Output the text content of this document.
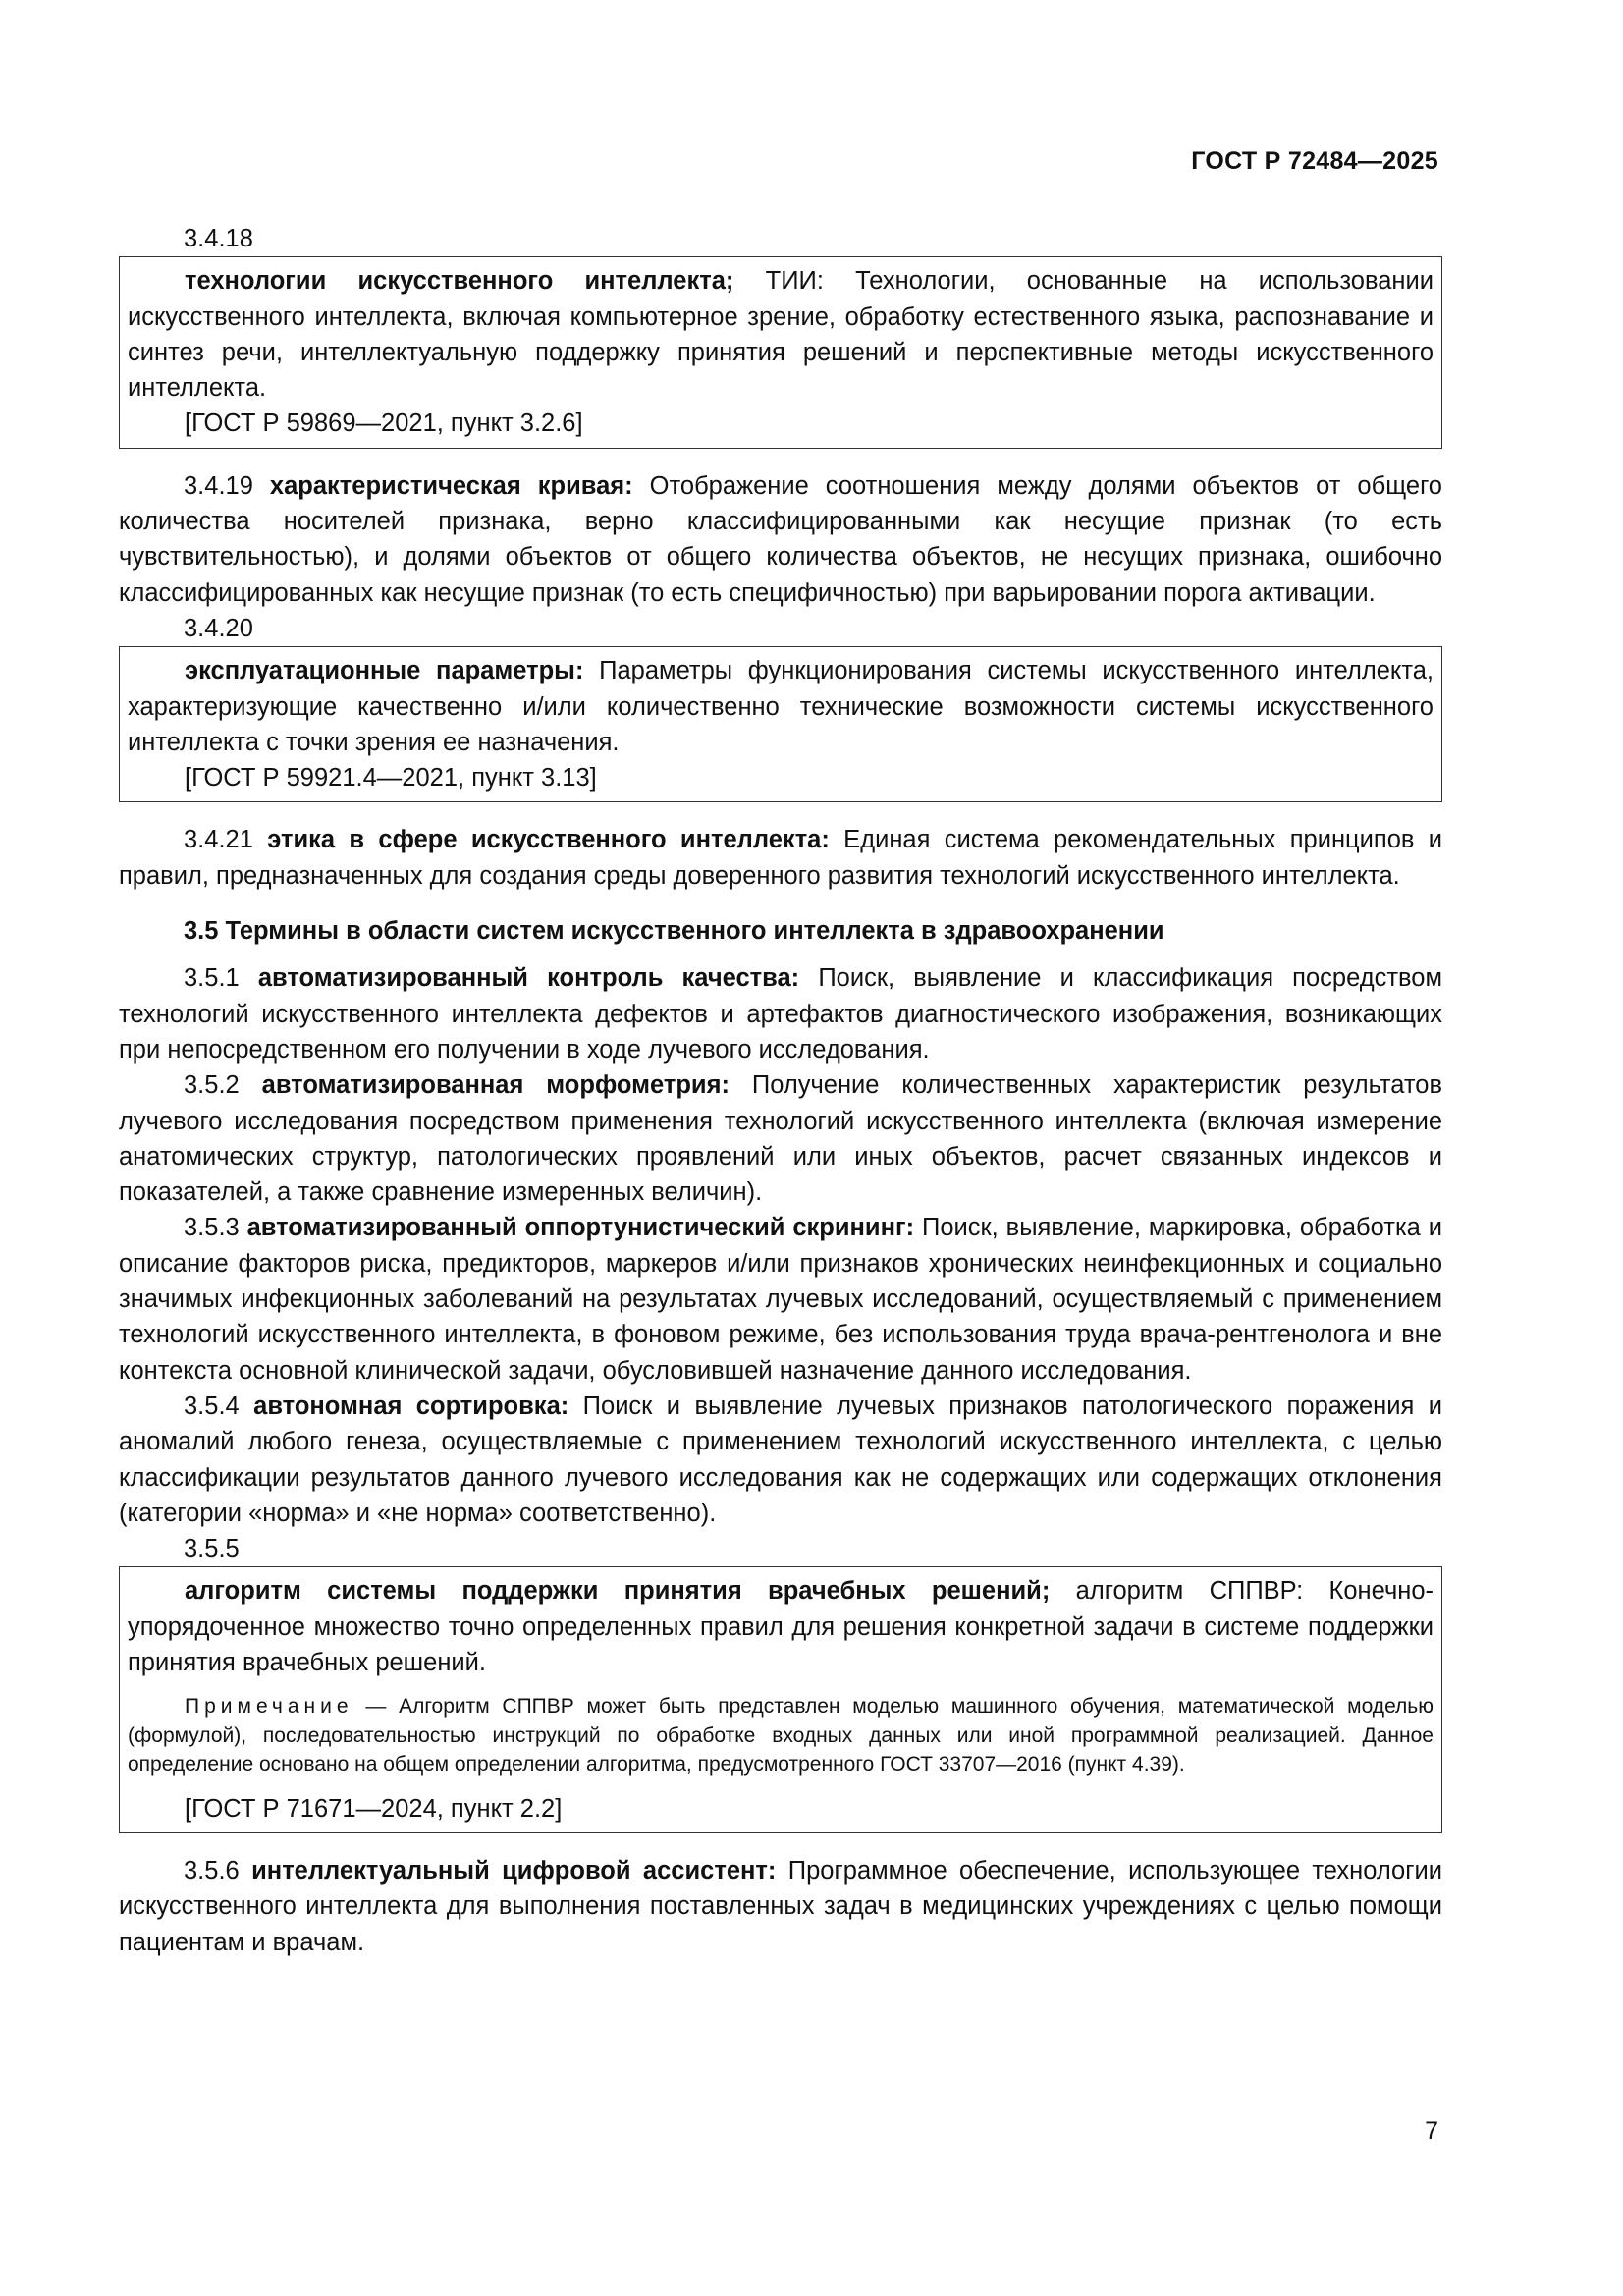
ГОСТ Р 72484—2025

3.4.18

технологии искусственного интеллекта; ТИИ: Технологии, основанные на использовании искусственного интеллекта, включая компьютерное зрение, обработку естественного языка, распознавание и синтез речи, интеллектуальную поддержку принятия решений и перспективные методы искусственного интеллекта.

[ГОСТ Р 59869—2021, пункт 3.2.6]

3.4.19 характеристическая кривая: Отображение соотношения между долями объектов от общего количества носителей признака, верно классифицированными как несущие признак (то есть чувствительностью), и долями объектов от общего количества объектов, не несущих признака, ошибочно классифицированных как несущие признак (то есть специфичностью) при варьировании порога активации.

3.4.20

эксплуатационные параметры: Параметры функционирования системы искусственного интеллекта, характеризующие качественно и/или количественно технические возможности системы искусственного интеллекта с точки зрения ее назначения.

[ГОСТ Р 59921.4—2021, пункт 3.13]

3.4.21 этика в сфере искусственного интеллекта: Единая система рекомендательных принципов и правил, предназначенных для создания среды доверенного развития технологий искусственного интеллекта.

3.5 Термины в области систем искусственного интеллекта в здравоохранении

3.5.1 автоматизированный контроль качества: Поиск, выявление и классификация посредством технологий искусственного интеллекта дефектов и артефактов диагностического изображения, возникающих при непосредственном его получении в ходе лучевого исследования.

3.5.2 автоматизированная морфометрия: Получение количественных характеристик результатов лучевого исследования посредством применения технологий искусственного интеллекта (включая измерение анатомических структур, патологических проявлений или иных объектов, расчет связанных индексов и показателей, а также сравнение измеренных величин).

3.5.3 автоматизированный оппортунистический скрининг: Поиск, выявление, маркировка, обработка и описание факторов риска, предикторов, маркеров и/или признаков хронических неинфекционных и социально значимых инфекционных заболеваний на результатах лучевых исследований, осуществляемый с применением технологий искусственного интеллекта, в фоновом режиме, без использования труда врача-рентгенолога и вне контекста основной клинической задачи, обусловившей назначение данного исследования.

3.5.4 автономная сортировка: Поиск и выявление лучевых признаков патологического поражения и аномалий любого генеза, осуществляемые с применением технологий искусственного интеллекта, с целью классификации результатов данного лучевого исследования как не содержащих или содержащих отклонения (категории «норма» и «не норма» соответственно).

3.5.5

алгоритм системы поддержки принятия врачебных решений; алгоритм СППВР: Конечно-упорядоченное множество точно определенных правил для решения конкретной задачи в системе поддержки принятия врачебных решений.

Примечание — Алгоритм СППВР может быть представлен моделью машинного обучения, математической моделью (формулой), последовательностью инструкций по обработке входных данных или иной программной реализацией. Данное определение основано на общем определении алгоритма, предусмотренного ГОСТ 33707—2016 (пункт 4.39).

[ГОСТ Р 71671—2024, пункт 2.2]

3.5.6 интеллектуальный цифровой ассистент: Программное обеспечение, использующее технологии искусственного интеллекта для выполнения поставленных задач в медицинских учреждениях с целью помощи пациентам и врачам.

7
